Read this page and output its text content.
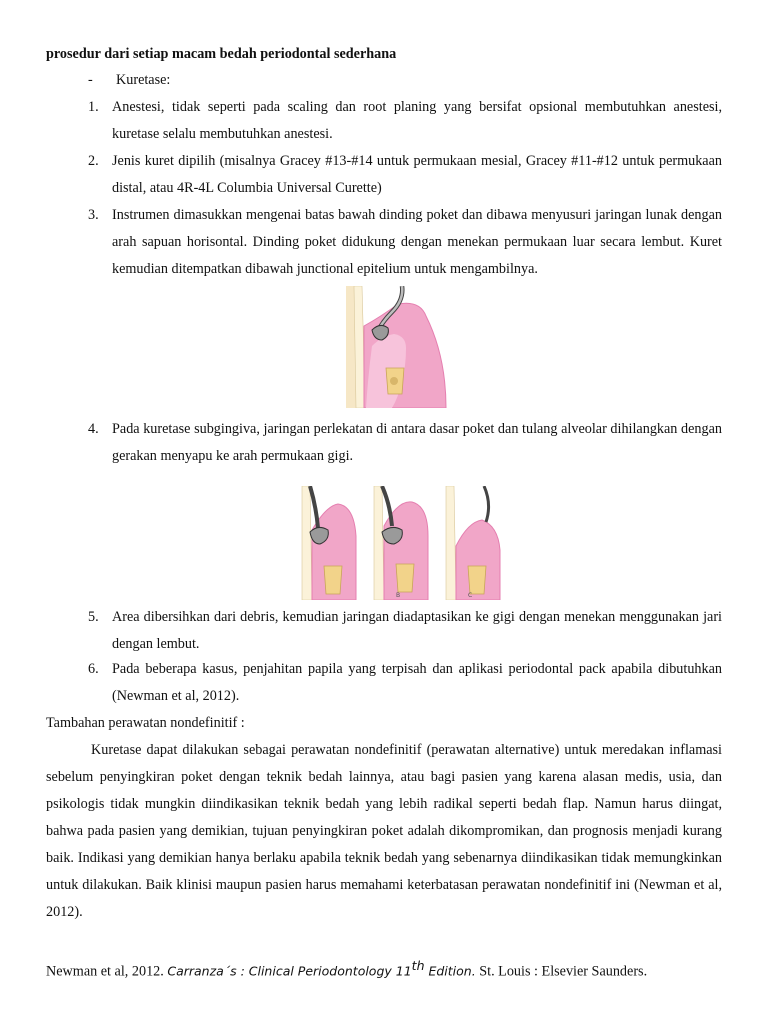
prosedur dari setiap macam bedah periodontal sederhana
- Kuretase:
1. Anestesi, tidak seperti pada scaling dan root planing yang bersifat opsional membutuhkan anestesi, kuretase selalu membutuhkan anestesi.
2. Jenis kuret dipilih (misalnya Gracey #13-#14 untuk permukaan mesial, Gracey #11-#12 untuk permukaan distal, atau 4R-4L Columbia Universal Curette)
3. Instrumen dimasukkan mengenai batas bawah dinding poket dan dibawa menyusuri jaringan lunak dengan arah sapuan horisontal. Dinding poket didukung dengan menekan permukaan luar secara lembut. Kuret kemudian ditempatkan dibawah junctional epitelium untuk mengambilnya.
4. Pada kuretase subgingiva, jaringan perlekatan di antara dasar poket dan tulang alveolar dihilangkan dengan gerakan menyapu ke arah permukaan gigi.
B	C
5. Area dibersihkan dari debris, kemudian jaringan diadaptasikan ke gigi dengan menekan menggunakan jari dengan lembut.
6. Pada beberapa kasus, penjahitan papila yang terpisah dan aplikasi periodontal pack apabila dibutuhkan (Newman et al, 2012).
Tambahan perawatan nondefinitif :
Kuretase dapat dilakukan sebagai perawatan nondefinitif (perawatan alternative) untuk meredakan inflamasi sebelum penyingkiran poket dengan teknik bedah lainnya, atau bagi pasien yang karena alasan medis, usia, dan psikologis tidak mungkin diindikasikan teknik bedah yang lebih radikal seperti bedah flap. Namun harus diingat, bahwa pada pasien yang demikian, tujuan penyingkiran poket adalah dikompromikan, dan prognosis menjadi kurang baik. Indikasi yang demikian hanya berlaku apabila teknik bedah yang sebenarnya diindikasikan tidak memungkinkan untuk dilakukan. Baik klinisi maupun pasien harus memahami keterbatasan perawatan nondefinitif ini (Newman et al, 2012).
Newman et al, 2012. Carranza´s : Clinical Periodontology 11th Edition. St. Louis : Elsevier Saunders.
